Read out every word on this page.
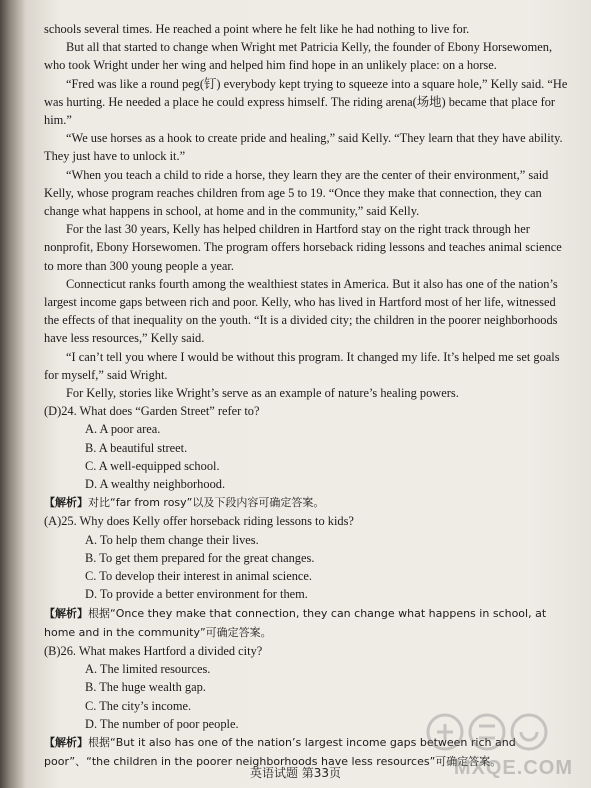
schools several times. He reached a point where he felt like he had nothing to live for.

But all that started to change when Wright met Patricia Kelly, the founder of Ebony Horsewomen, who took Wright under her wing and helped him find hope in an unlikely place: on a horse.

“Fred was like a round peg(钉) everybody kept trying to squeeze into a square hole,” Kelly said. “He was hurting. He needed a place he could express himself. The riding arena(场地) became that place for him.”

“We use horses as a hook to create pride and healing,” said Kelly. “They learn that they have ability. They just have to unlock it.”

“When you teach a child to ride a horse, they learn they are the center of their environment,” said Kelly, whose program reaches children from age 5 to 19. “Once they make that connection, they can change what happens in school, at home and in the community,” said Kelly.

For the last 30 years, Kelly has helped children in Hartford stay on the right track through her nonprofit, Ebony Horsewomen. The program offers horseback riding lessons and teaches animal science to more than 300 young people a year.

Connecticut ranks fourth among the wealthiest states in America. But it also has one of the nation’s largest income gaps between rich and poor. Kelly, who has lived in Hartford most of her life, witnessed the effects of that inequality on the youth. “It is a divided city; the children in the poorer neighborhoods have less resources,” Kelly said.

“I can’t tell you where I would be without this program. It changed my life. It’s helped me set goals for myself,” said Wright.

For Kelly, stories like Wright’s serve as an example of nature’s healing powers.

(D)24. What does “Garden Street” refer to?

A. A poor area.

B. A beautiful street.

C. A well-equipped school.

D. A wealthy neighborhood.

【解析】对比“far from rosy”以及下段内容可确定答案。

(A)25. Why does Kelly offer horseback riding lessons to kids?

A. To help them change their lives.

B. To get them prepared for the great changes.

C. To develop their interest in animal science.

D. To provide a better environment for them.

【解析】根据“Once they make that connection, they can change what happens in school, at home and in the community”可确定答案。

(B)26. What makes Hartford a divided city?

A. The limited resources.

B. The huge wealth gap.

C. The city’s income.

D. The number of poor people.

【解析】根据“But it also has one of the nation’s largest income gaps between rich and poor”、“the children in the poorer neighborhoods have less resources”可确定答案。

英语试题 第33页	MXQE.COM
